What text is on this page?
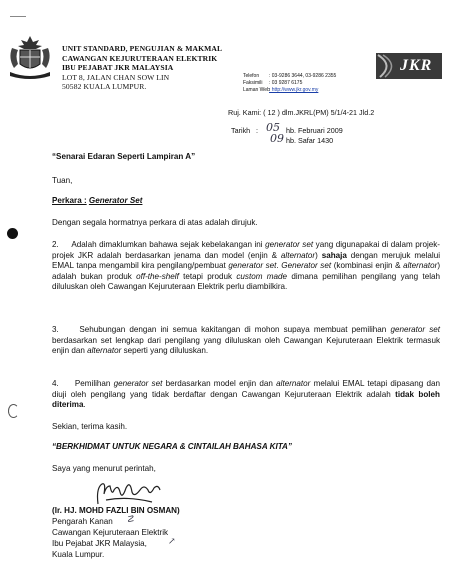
UNIT STANDARD, PENGUJIAN & MAKMAL
CAWANGAN KEJURUTERAAN ELEKTRIK
IBU PEJABAT JKR MALAYSIA
LOT 8, JALAN CHAN SOW LIN
50582 KUALA LUMPUR.
Telefon : 03-9286 3644, 03-9286 2355
Faksimili : 03 9287 6175
Laman Web: http://www.jkr.gov.my
JKR
Ruj. Kami: ( 12 ) dlm.JKRL(PM) 5/1/4-21 Jld.2
Tarikh : 05 hb. Februari 2009
09 hb. Safar 1430
“Senarai Edaran Seperti Lampiran A”
Tuan,
Perkara : Generator Set
Dengan segala hormatnya perkara di atas adalah dirujuk.

2. Adalah dimaklumkan bahawa sejak kebelakangan ini generator set yang digunapakai di dalam projek-projek JKR adalah berdasarkan jenama dan model (enjin & alternator) sahaja dengan merujuk melalui EMAL tanpa mengambil kira pengilang/pembuat generator set. Generator set (kombinasi enjin & alternator) adalah bukan produk off-the-shelf tetapi produk custom made dimana pemilihan pengilang yang telah diluluskan oleh Cawangan Kejuruteraan Elektrik perlu diambilkira.

3.	Sehubungan dengan ini semua kakitangan di mohon supaya membuat pemilihan generator set berdasarkan set lengkap dari pengilang yang diluluskan oleh Cawangan Kejuruteraan Elektrik termasuk enjin dan alternator seperti yang diluluskan.

4. Pemilihan generator set berdasarkan model enjin dan alternator melalui EMAL tetapi dipasang dan diuji oleh pengilang yang tidak berdaftar dengan Cawangan Kejuruteraan Elektrik adalah tidak boleh diterima.

Sekian, terima kasih.
“BERKHIDMAT UNTUK NEGARA & CINTAILAH BAHASA KITA”
Saya yang menurut perintah,
(Ir. HJ. MOHD FAZLI BIN OSMAN)
Pengarah Kanan	☡
Cawangan Kejuruteraan Elektrik
Ibu Pejabat JKR Malaysia,	↗
Kuala Lumpur.
